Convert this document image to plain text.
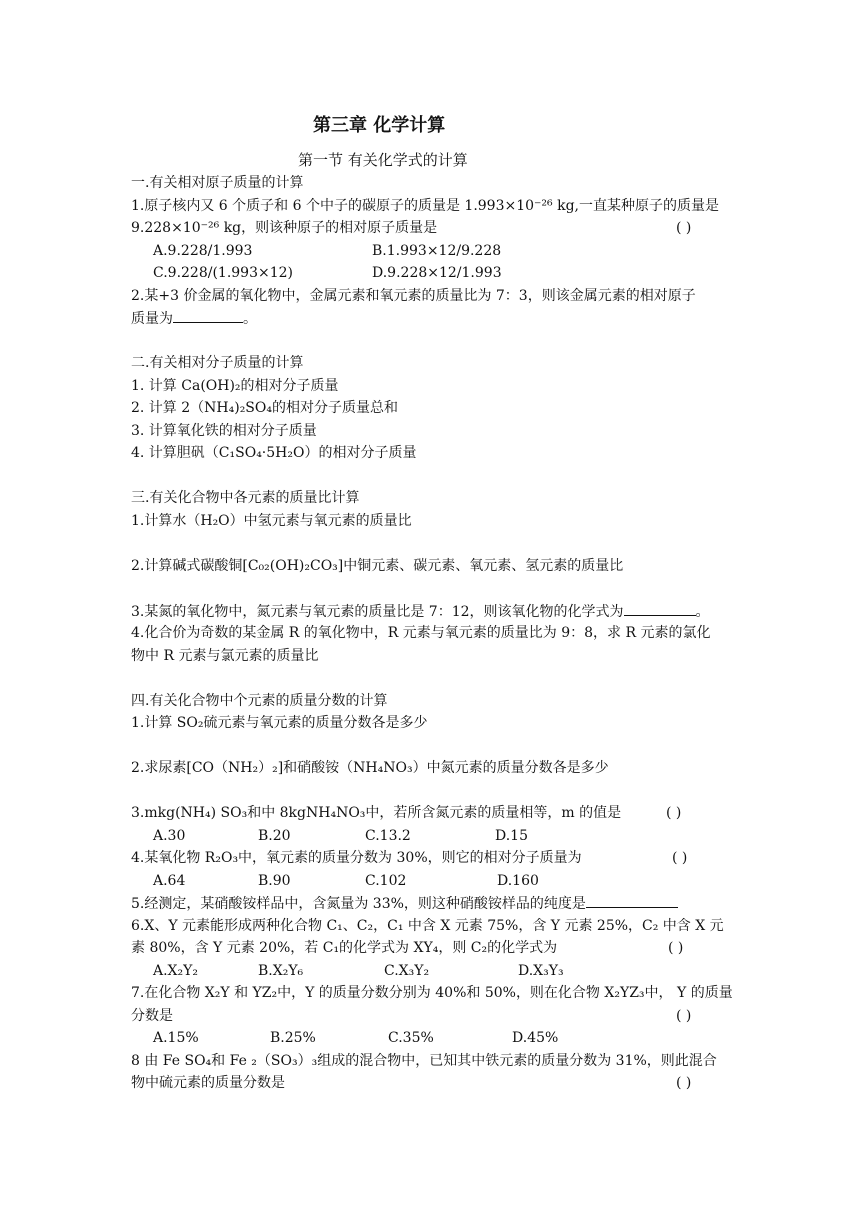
第三章 化学计算
第一节 有关化学式的计算
一.有关相对原子质量的计算
1.原子核内又 6 个质子和 6 个中子的碳原子的质量是 1.993×10⁻²⁶ kg,一直某种原子的质量是
9.228×10⁻²⁶ kg，则该种原子的相对原子质量是	( )
A.9.228/1.993	B.1.993×12/9.228
C.9.228/(1.993×12)	D.9.228×12/1.993
2.某+3 价金属的氧化物中，金属元素和氧元素的质量比为 7：3，则该金属元素的相对原子
质量为	。
二.有关相对分子质量的计算
1. 计算 Ca(OH)₂的相对分子质量
2. 计算 2（NH₄)₂SO₄的相对分子质量总和
3. 计算氧化铁的相对分子质量
4. 计算胆矾（C₁SO₄·5H₂O）的相对分子质量
三.有关化合物中各元素的质量比计算
1.计算水（H₂O）中氢元素与氧元素的质量比
2.计算碱式碳酸铜[C₀₂(OH)₂CO₃]中铜元素、碳元素、氧元素、氢元素的质量比
3.某氮的氧化物中，氮元素与氧元素的质量比是 7：12，则该氧化物的化学式为	。
4.化合价为奇数的某金属 R 的氧化物中，R 元素与氧元素的质量比为 9：8，求 R 元素的氯化
物中 R 元素与氯元素的质量比
四.有关化合物中个元素的质量分数的计算
1.计算 SO₂硫元素与氧元素的质量分数各是多少
2.求尿素[CO（NH₂）₂]和硝酸铵（NH₄NO₃）中氮元素的质量分数各是多少
3.mkg(NH₄) SO₃和中 8kgNH₄NO₃中，若所含氮元素的质量相等，m 的值是	( )
A.30	B.20	C.13.2	D.15
4.某氧化物 R₂O₃中，氧元素的质量分数为 30%，则它的相对分子质量为	( )
A.64	B.90	C.102	D.160
5.经测定，某硝酸铵样品中，含氮量为 33%，则这种硝酸铵样品的纯度是
6.X、Y 元素能形成两种化合物 C₁、C₂，C₁ 中含 X 元素 75%，含 Y 元素 25%，C₂ 中含 X 元
素 80%，含 Y 元素 20%，若 C₁的化学式为 XY₄，则 C₂的化学式为	( )
A.X₂Y₂	B.X₂Y₆	C.X₃Y₂	D.X₃Y₃
7.在化合物 X₂Y 和 YZ₂中，Y 的质量分数分别为 40%和 50%，则在化合物 X₂YZ₃中， Y 的质量
分数是	( )
A.15%	B.25%	C.35%	D.45%
8 由 Fe SO₄和 Fe ₂（SO₃）₃组成的混合物中，已知其中铁元素的质量分数为 31%，则此混合
物中硫元素的质量分数是	( )
